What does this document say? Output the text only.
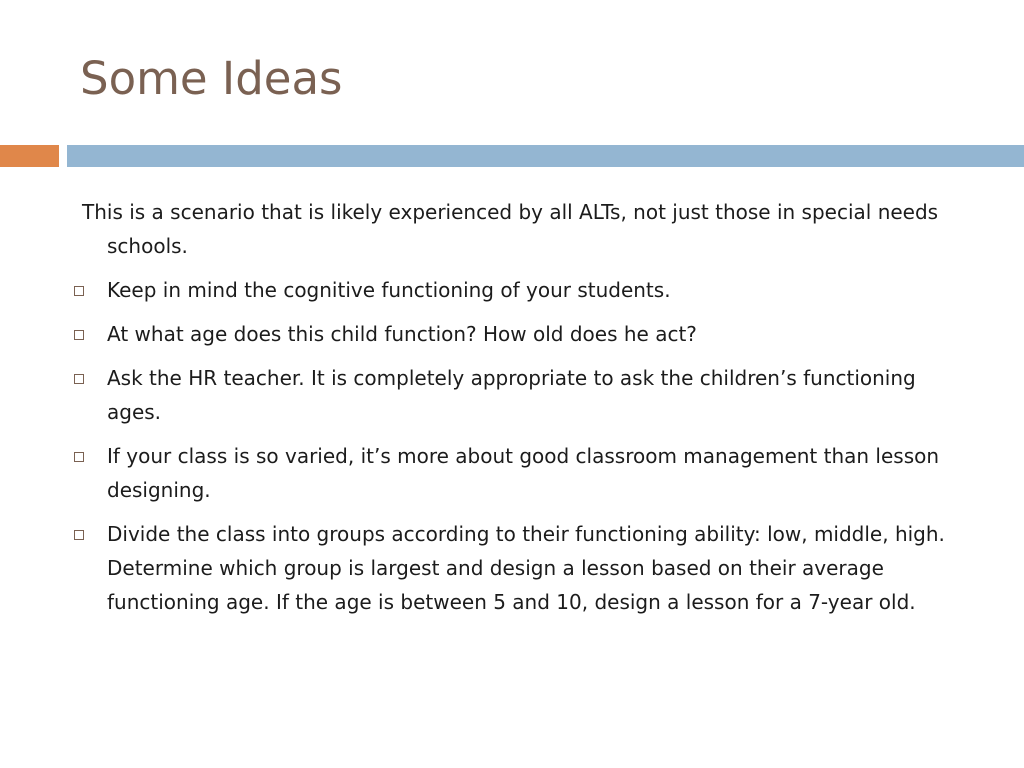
Some Ideas
This is a scenario that is likely experienced by all ALTs, not just those in special needs schools.
Keep in mind the cognitive functioning of your students.
At what age does this child function? How old does he act?
Ask the HR teacher. It is completely appropriate to ask the children’s functioning ages.
If your class is so varied, it’s more about good classroom management than lesson designing.
Divide the class into groups according to their functioning ability: low, middle, high. Determine which group is largest and design a lesson based on their average functioning age. If the age is between 5 and 10, design a lesson for a 7-year old.
